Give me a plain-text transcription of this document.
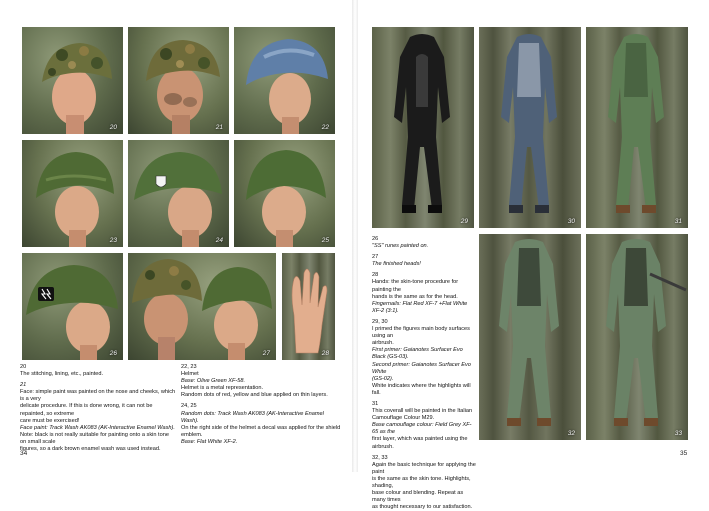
20	21	22
23	24	25
26	27	28

20

The stitching, lining, etc., painted.

21

Face: simple paint was painted on the nose and cheeks, which is a very

delicate procedure. If this is done wrong, it can not be repainted, so extreme

care must be exercised!

Face paint: Track Wash AK083 (AK-Interactive Enamel Wash).

Note: black is not really suitable for painting onto a skin tone on small scale

figures, so a dark brown enamel wash was used instead.

22, 23

Helmet

Base: Olive Green XF-58.

Helmet is a metal representation.

Random dots of red, yellow and blue applied on thin layers.

24, 25

Random dots: Track Wash AK083 (AK-Interactive Enamel Wash).

On the right side of the helmet a decal was applied for the shield emblem.

Base: Flat White XF-2.

34
29	30	31
32	33

26

"SS" runes painted on.

27

The finished heads!

28

Hands: the skin-tone procedure for painting the

hands is the same as for the head.

Fingernails: Flat Red XF-7 +Flat White XF-2 (3:1).

29, 30

I primed the figures main body surfaces using an

airbrush.

First primer: Gaianotes Surfacer Evo Black (GS-03).

Second primer: Gaianotes Surfacer Evo White

(GS-02).

White indicates where the highlights will fall.

31

This coverall will be painted in the Italian

Camouflage Colour M29.

Base camouflage colour: Field Grey XF-65 as the

first layer, which was painted using the airbrush.

32, 33

Again the basic technique for applying the paint

is the same as the skin tone. Highlights, shading,

base colour and blending. Repeat as many times

as thought necessary to our satisfaction.

35
